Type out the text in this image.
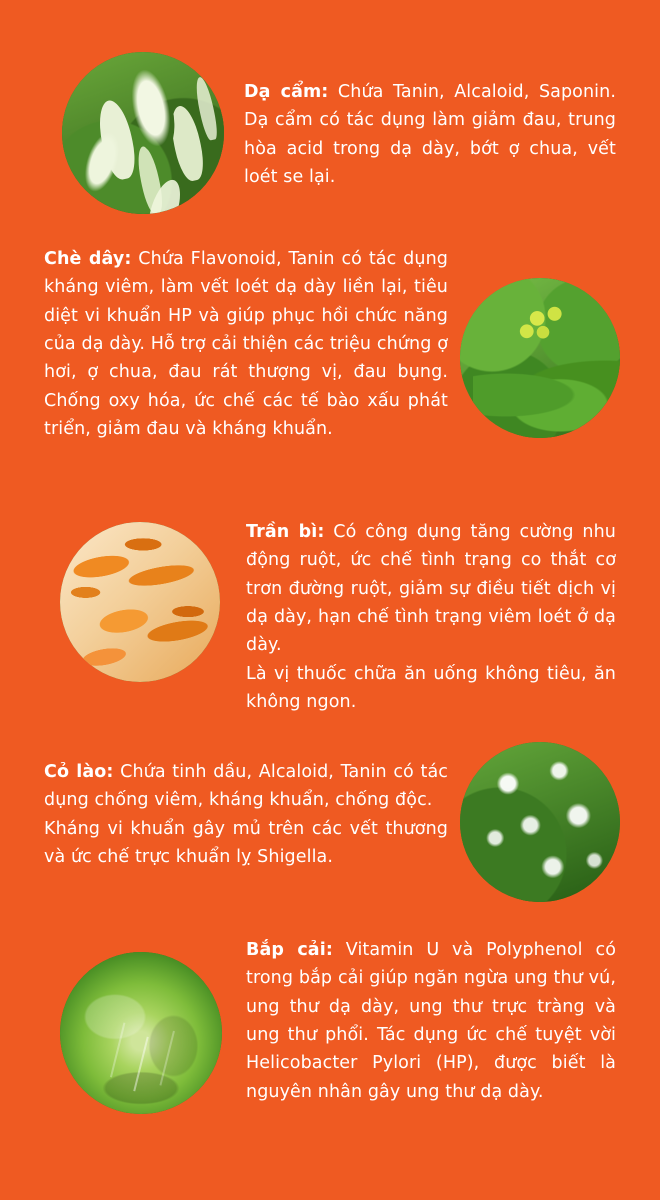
Dạ cẩm: Chứa Tanin, Alcaloid, Saponin. Dạ cẩm có tác dụng làm giảm đau, trung hòa acid trong dạ dày, bớt ợ chua, vết loét se lại.

Chè dây: Chứa Flavonoid, Tanin có tác dụng kháng viêm, làm vết loét dạ dày liền lại, tiêu diệt vi khuẩn HP và giúp phục hồi chức năng của dạ dày. Hỗ trợ cải thiện các triệu chứng ợ hơi, ợ chua, đau rát thượng vị, đau bụng. Chống oxy hóa, ức chế các tế bào xấu phát triển, giảm đau và kháng khuẩn.

Trần bì: Có công dụng tăng cường nhu động ruột, ức chế tình trạng co thắt cơ trơn đường ruột, giảm sự điều tiết dịch vị dạ dày, hạn chế tình trạng viêm loét ở dạ dày.

Là vị thuốc chữa ăn uống không tiêu, ăn không ngon.

Cỏ lào: Chứa tinh dầu, Alcaloid, Tanin có tác dụng chống viêm, kháng khuẩn, chống độc.

Kháng vi khuẩn gây mủ trên các vết thương và ức chế trực khuẩn lỵ Shigella.

Bắp cải: Vitamin U và Polyphenol có trong bắp cải giúp ngăn ngừa ung thư vú, ung thư dạ dày, ung thư trực tràng và ung thư phổi. Tác dụng ức chế tuyệt vời Helicobacter Pylori (HP), được biết là nguyên nhân gây ung thư dạ dày.
